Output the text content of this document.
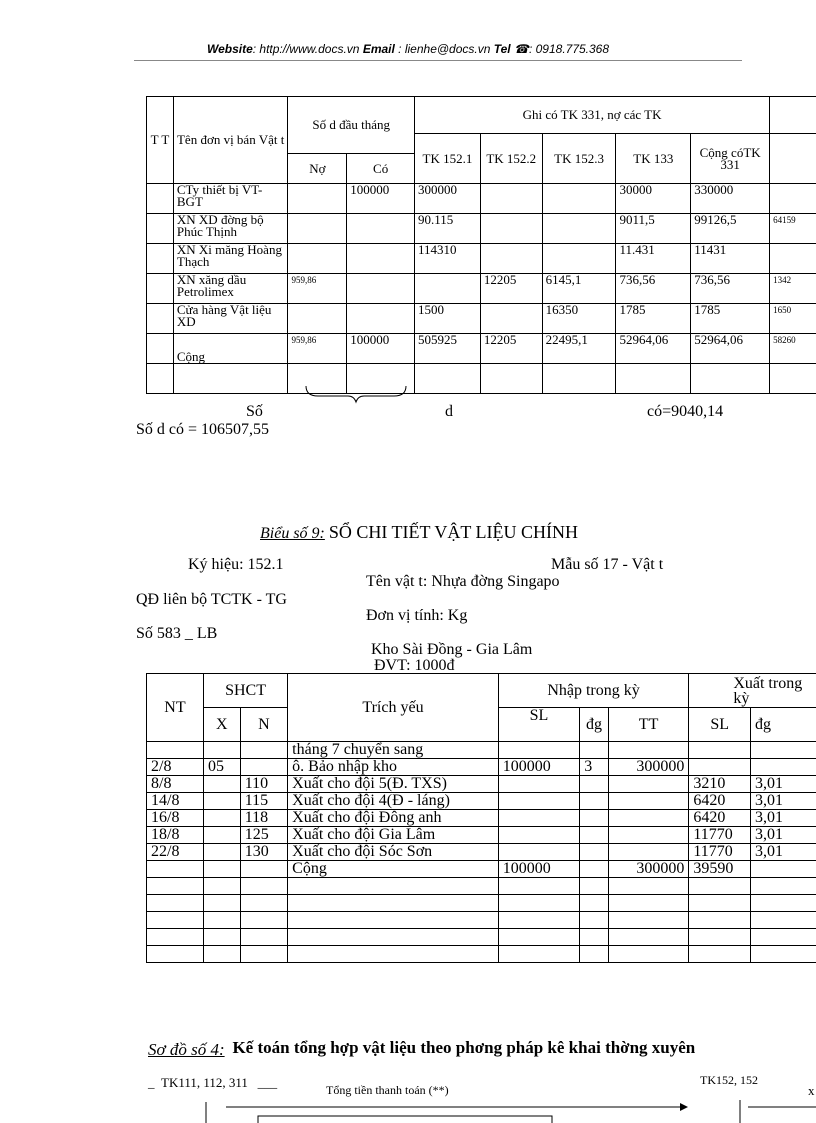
Website: http://www.docs.vn Email : lienhe@docs.vn Tel ☎: 0918.775.368
T T	Tên đơn vị bán Vật t	Số d đầu tháng		Ghi có TK 331, nợ các TK					
				TK 152.1	TK 152.2	TK 152.3	TK 133	Cộng cóTK 331	
		Nợ	Có						
	CTy thiết bị VT- BGT		100000	300000			30000	330000	
	XN XD đờng bộ Phúc Thịnh			90.115			9011,5	99126,5	64159
	XN Xi măng Hoàng Thạch			114310			11.431	11431	
	XN xăng dầu Petrolimex	959,86			12205	6145,1	736,56	736,56	1342
	Cửa hàng Vật liệu XD			1500		16350	1785	1785	1650
	Cộng	959,86	100000	505925	12205	22495,1	52964,06	52964,06	58260

Số	d	có=9040,14
Số d có = 106507,55
Biểu số 9: SỔ CHI TIẾT VẬT LIỆU CHÍNH
Ký hiệu: 152.1	Mẫu số 17 - Vật t
Tên vật t: Nhựa đờng Singapo
QĐ liên bộ TCTK - TG
Đơn vị tính: Kg
Số 583 _ LB
Kho Sài Đồng - Gia Lâm
ĐVT: 1000đ
NT	SHCT		Trích yếu	Nhập trong kỳ			Xuất trong kỳ	
	X	N		SL	đg	TT	SL	đg
			tháng 7 chuyển sang					
2/8	05		ô. Bảo nhập kho	100000	3	300000		
8/8		110	Xuất cho đội 5(Đ. TXS)				3210	3,01
14/8		115	Xuất cho đội 4(Đ - láng)				6420	3,01
16/8		118	Xuất cho đội Đông anh				6420	3,01
18/8		125	Xuất cho đội Gia Lâm				11770	3,01
22/8		130	Xuất cho đội Sóc Sơn				11770	3,01
			Cộng	100000		300000	39590	

Sơ đồ số 4: Kế toán tổng hợp vật liệu theo phơng pháp kê khai thờng xuyên
_  TK111, 112, 311   ___	Tổng tiền thanh toán (**)
TK152, 152
x
